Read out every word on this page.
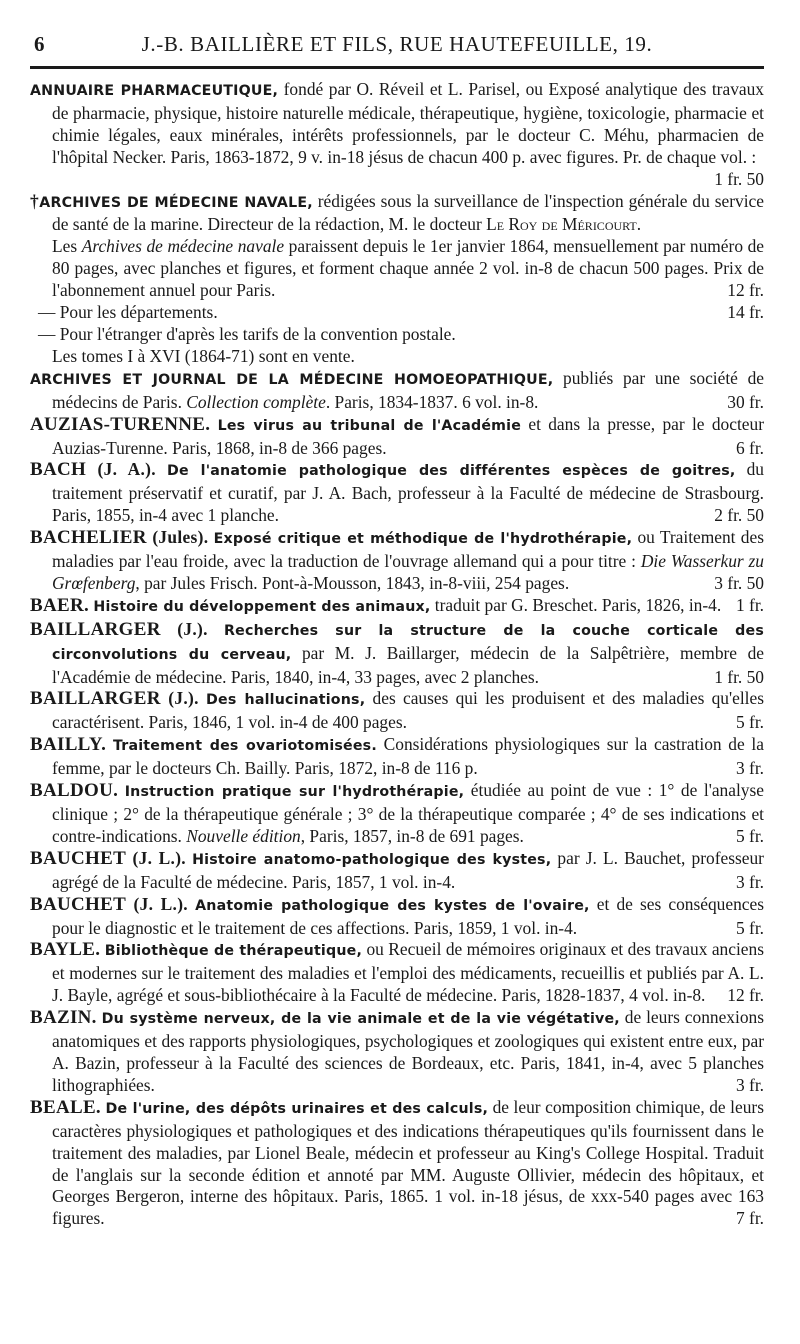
6	J.-B. BAILLIÈRE ET FILS, RUE HAUTEFEUILLE, 19.

ANNUAIRE PHARMACEUTIQUE, fondé par O. Réveil et L. Parisel, ou Exposé analytique des travaux de pharmacie, physique, histoire naturelle médicale, thérapeutique, hygiène, toxicologie, pharmacie et chimie légales, eaux minérales, intérêts professionnels, par le docteur C. Méhu, pharmacien de l'hôpital Necker. Paris, 1863-1872, 9 v. in-18 jésus de chacun 400 p. avec figures. Pr. de chaque vol. :
1 fr. 50

†ARCHIVES DE MÉDECINE NAVALE, rédigées sous la surveillance de l'inspection générale du service de santé de la marine. Directeur de la rédaction, M. le docteur Le Roy de Méricourt.

Les Archives de médecine navale paraissent depuis le 1er janvier 1864, mensuellement par numéro de 80 pages, avec planches et figures, et forment chaque année 2 vol. in-8 de chacun 500 pages. Prix de l'abonnement annuel pour Paris.	12 fr.

— Pour les départements.	14 fr.

— Pour l'étranger d'après les tarifs de la convention postale.

Les tomes I à XVI (1864-71) sont en vente.

ARCHIVES ET JOURNAL DE LA MÉDECINE HOMOEOPATHIQUE, publiés par une société de médecins de Paris. Collection complète. Paris, 1834-1837. 6 vol. in-8.	30 fr.

AUZIAS-TURENNE. Les virus au tribunal de l'Académie et dans la presse, par le docteur Auzias-Turenne. Paris, 1868, in-8 de 366 pages.	6 fr.

BACH (J. A.). De l'anatomie pathologique des différentes espèces de goitres, du traitement préservatif et curatif, par J. A. Bach, professeur à la Faculté de médecine de Strasbourg. Paris, 1855, in-4 avec 1 planche.	2 fr. 50

BACHELIER (Jules). Exposé critique et méthodique de l'hydrothérapie, ou Traitement des maladies par l'eau froide, avec la traduction de l'ouvrage allemand qui a pour titre : Die Wasserkur zu Grœfenberg, par Jules Frisch. Pont-à-Mousson, 1843, in-8-viii, 254 pages.	3 fr. 50

BAER. Histoire du développement des animaux, traduit par G. Breschet. Paris, 1826, in-4. 1 fr.

BAILLARGER (J.). Recherches sur la structure de la couche corticale des circonvolutions du cerveau, par M. J. Baillarger, médecin de la Salpêtrière, membre de l'Académie de médecine. Paris, 1840, in-4, 33 pages, avec 2 planches.	1 fr. 50

BAILLARGER (J.). Des hallucinations, des causes qui les produisent et des maladies qu'elles caractérisent. Paris, 1846, 1 vol. in-4 de 400 pages.	5 fr.

BAILLY. Traitement des ovariotomisées. Considérations physiologiques sur la castration de la femme, par le docteurs Ch. Bailly. Paris, 1872, in-8 de 116 p.	3 fr.

BALDOU. Instruction pratique sur l'hydrothérapie, étudiée au point de vue : 1° de l'analyse clinique ; 2° de la thérapeutique générale ; 3° de la thérapeutique comparée ; 4° de ses indications et contre-indications. Nouvelle édition, Paris, 1857, in-8 de 691 pages.	5 fr.

BAUCHET (J. L.). Histoire anatomo-pathologique des kystes, par J. L. Bauchet, professeur agrégé de la Faculté de médecine. Paris, 1857, 1 vol. in-4.	3 fr.

BAUCHET (J. L.). Anatomie pathologique des kystes de l'ovaire, et de ses conséquences pour le diagnostic et le traitement de ces affections. Paris, 1859, 1 vol. in-4.	5 fr.

BAYLE. Bibliothèque de thérapeutique, ou Recueil de mémoires originaux et des travaux anciens et modernes sur le traitement des maladies et l'emploi des médicaments, recueillis et publiés par A. L. J. Bayle, agrégé et sous-bibliothécaire à la Faculté de médecine. Paris, 1828-1837, 4 vol. in-8. 12 fr.

BAZIN. Du système nerveux, de la vie animale et de la vie végétative, de leurs connexions anatomiques et des rapports physiologiques, psychologiques et zoologiques qui existent entre eux, par A. Bazin, professeur à la Faculté des sciences de Bordeaux, etc. Paris, 1841, in-4, avec 5 planches lithographiées.	3 fr.

BEALE. De l'urine, des dépôts urinaires et des calculs, de leur composition chimique, de leurs caractères physiologiques et pathologiques et des indications thérapeutiques qu'ils fournissent dans le traitement des maladies, par Lionel Beale, médecin et professeur au King's College Hospital. Traduit de l'anglais sur la seconde édition et annoté par MM. Auguste Ollivier, médecin des hôpitaux, et Georges Bergeron, interne des hôpitaux. Paris, 1865. 1 vol. in-18 jésus, de xxx-540 pages avec 163 figures.	7 fr.
